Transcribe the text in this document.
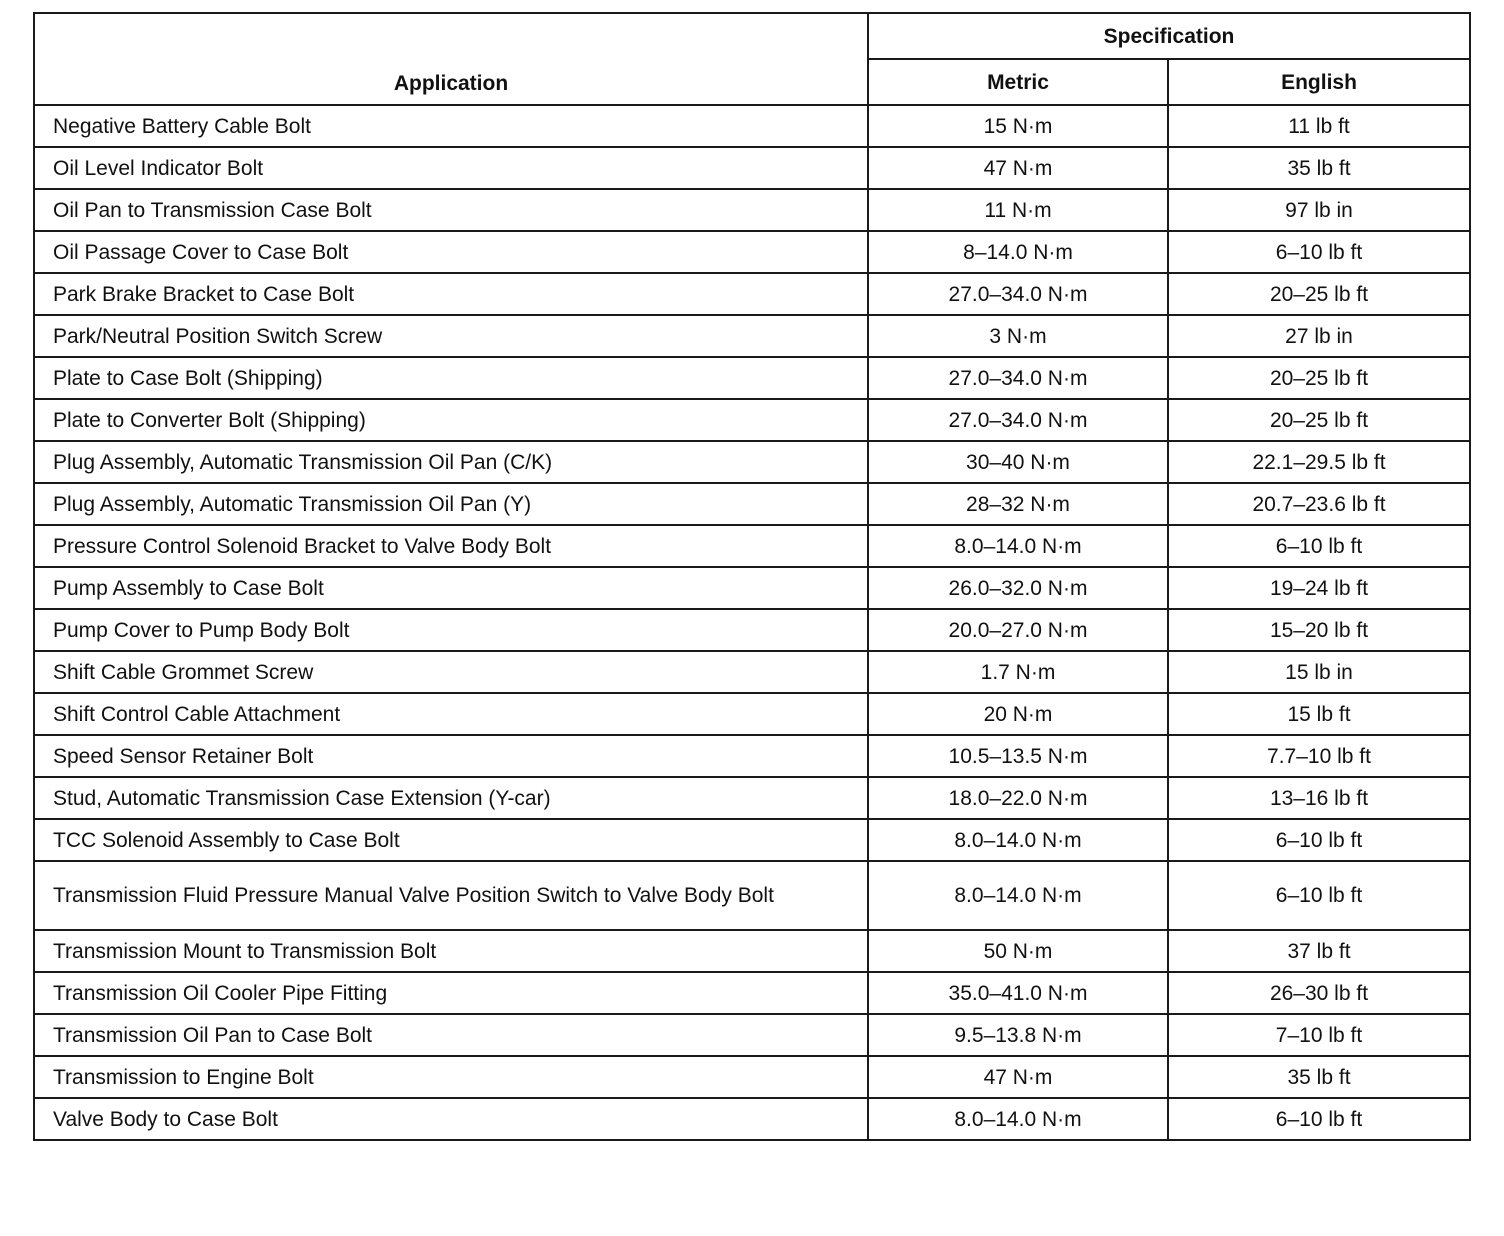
Application	Specification	
	Metric	English
Negative Battery Cable Bolt	15 N·m	11 lb ft
Oil Level Indicator Bolt	47 N·m	35 lb ft
Oil Pan to Transmission Case Bolt	11 N·m	97 lb in
Oil Passage Cover to Case Bolt	8–14.0 N·m	6–10 lb ft
Park Brake Bracket to Case Bolt	27.0–34.0 N·m	20–25 lb ft
Park/Neutral Position Switch Screw	3 N·m	27 lb in
Plate to Case Bolt (Shipping)	27.0–34.0 N·m	20–25 lb ft
Plate to Converter Bolt (Shipping)	27.0–34.0 N·m	20–25 lb ft
Plug Assembly, Automatic Transmission Oil Pan (C/K)	30–40 N·m	22.1–29.5 lb ft
Plug Assembly, Automatic Transmission Oil Pan (Y)	28–32 N·m	20.7–23.6 lb ft
Pressure Control Solenoid Bracket to Valve Body Bolt	8.0–14.0 N·m	6–10 lb ft
Pump Assembly to Case Bolt	26.0–32.0 N·m	19–24 lb ft
Pump Cover to Pump Body Bolt	20.0–27.0 N·m	15–20 lb ft
Shift Cable Grommet Screw	1.7 N·m	15 lb in
Shift Control Cable Attachment	20 N·m	15 lb ft
Speed Sensor Retainer Bolt	10.5–13.5 N·m	7.7–10 lb ft
Stud, Automatic Transmission Case Extension (Y-car)	18.0–22.0 N·m	13–16 lb ft
TCC Solenoid Assembly to Case Bolt	8.0–14.0 N·m	6–10 lb ft
Transmission Fluid Pressure Manual Valve Position Switch to Valve Body Bolt	8.0–14.0 N·m	6–10 lb ft
Transmission Mount to Transmission Bolt	50 N·m	37 lb ft
Transmission Oil Cooler Pipe Fitting	35.0–41.0 N·m	26–30 lb ft
Transmission Oil Pan to Case Bolt	9.5–13.8 N·m	7–10 lb ft
Transmission to Engine Bolt	47 N·m	35 lb ft
Valve Body to Case Bolt	8.0–14.0 N·m	6–10 lb ft
